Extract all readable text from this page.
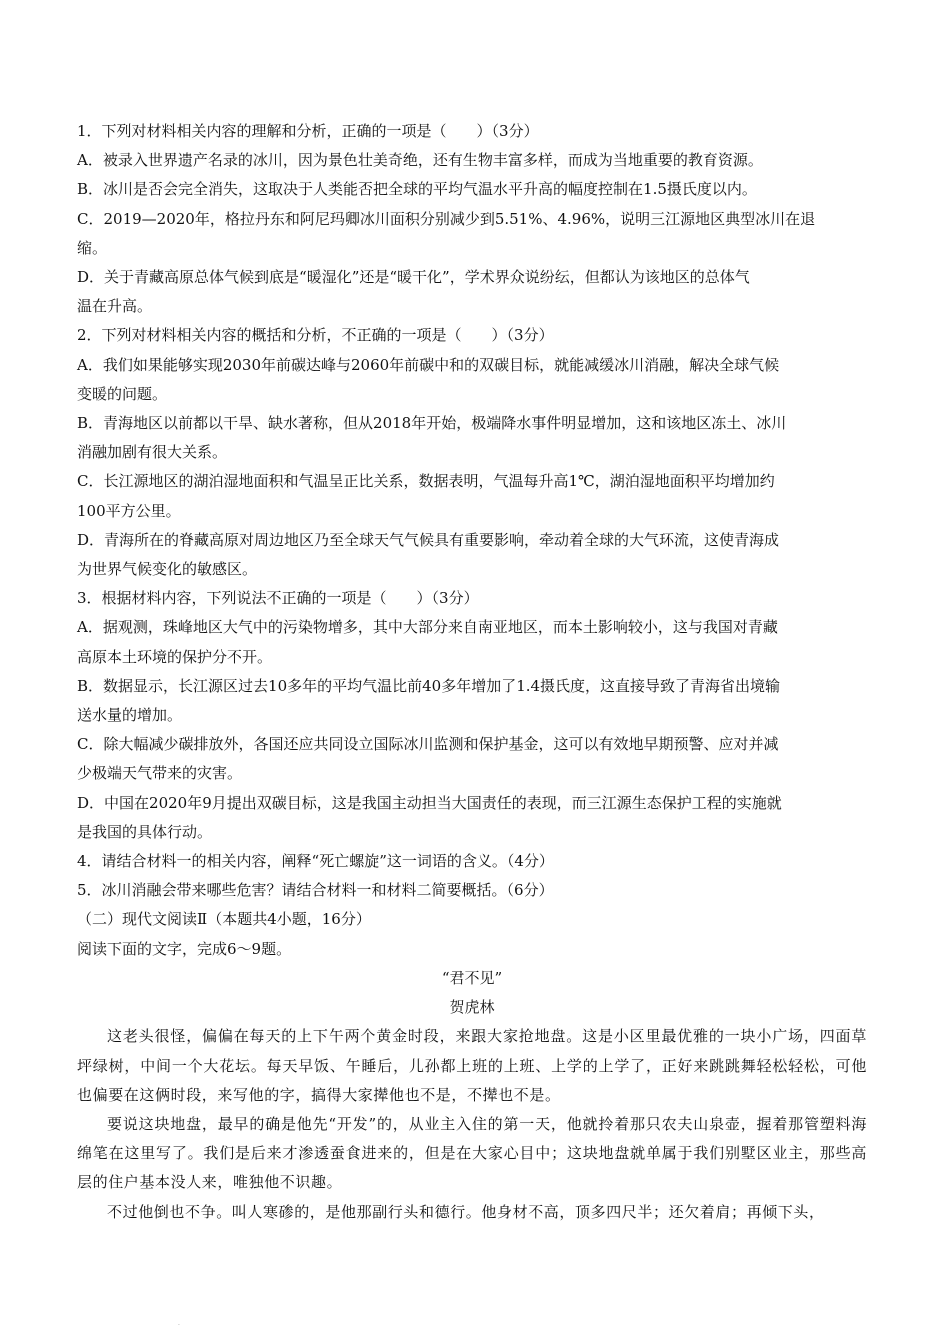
1．下列对材料相关内容的理解和分析，正确的一项是（　　）（3分）

A．被录入世界遗产名录的冰川，因为景色壮美奇绝，还有生物丰富多样，而成为当地重要的教育资源。

B．冰川是否会完全消失，这取决于人类能否把全球的平均气温水平升高的幅度控制在1.5摄氏度以内。

C．2019—2020年，格拉丹东和阿尼玛卿冰川面积分别减少到5.51%、4.96%，说明三江源地区典型冰川在退
缩。

D．关于青藏高原总体气候到底是“暖湿化”还是“暖干化”，学术界众说纷纭，但都认为该地区的总体气
温在升高。

2．下列对材料相关内容的概括和分析，不正确的一项是（　　）（3分）

A．我们如果能够实现2030年前碳达峰与2060年前碳中和的双碳目标，就能减缓冰川消融，解决全球气候
变暖的问题。

B．青海地区以前都以干旱、缺水著称，但从2018年开始，极端降水事件明显增加，这和该地区冻土、冰川
消融加剧有很大关系。

C．长江源地区的湖泊湿地面积和气温呈正比关系，数据表明，气温每升高1℃，湖泊湿地面积平均增加约
100平方公里。

D．青海所在的脊藏高原对周边地区乃至全球天气气候具有重要影响，牵动着全球的大气环流，这使青海成
为世界气候变化的敏感区。

3．根据材料内容，下列说法不正确的一项是（　　）（3分）

A．据观测，珠峰地区大气中的污染物增多，其中大部分来自南亚地区，而本土影响较小，这与我国对青藏
高原本土环境的保护分不开。

B．数据显示，长江源区过去10多年的平均气温比前40多年增加了1.4摄氏度，这直接导致了青海省出境输
送水量的增加。

C．除大幅减少碳排放外，各国还应共同设立国际冰川监测和保护基金，这可以有效地早期预警、应对并减
少极端天气带来的灾害。

D．中国在2020年9月提出双碳目标，这是我国主动担当大国责任的表现，而三江源生态保护工程的实施就
是我国的具体行动。

4．请结合材料一的相关内容，阐释“死亡螺旋”这一词语的含义。（4分）

5．冰川消融会带来哪些危害？请结合材料一和材料二简要概括。（6分）

（二）现代文阅读Ⅱ（本题共4小题，16分）

阅读下面的文字，完成6～9题。

“君不见”

贺虎林

这老头很怪，偏偏在每天的上下午两个黄金时段，来跟大家抢地盘。这是小区里最优雅的一块小广场，四面草坪绿树，中间一个大花坛。每天早饭、午睡后，儿孙都上班的上班、上学的上学了，正好来跳跳舞轻松轻松，可他也偏要在这俩时段，来写他的字，搞得大家撵他也不是，不撵也不是。

要说这块地盘，最早的确是他先“开发”的，从业主入住的第一天，他就拎着那只农夫山泉壶，握着那管塑料海绵笔在这里写了。我们是后来才渗透蚕食进来的，但是在大家心目中；这块地盘就单属于我们别墅区业主，那些高层的住户基本没人来，唯独他不识趣。

不过他倒也不争。叫人寒碜的，是他那副行头和德行。他身材不高，顶多四尺半；还欠着肩；再倾下头，

·
